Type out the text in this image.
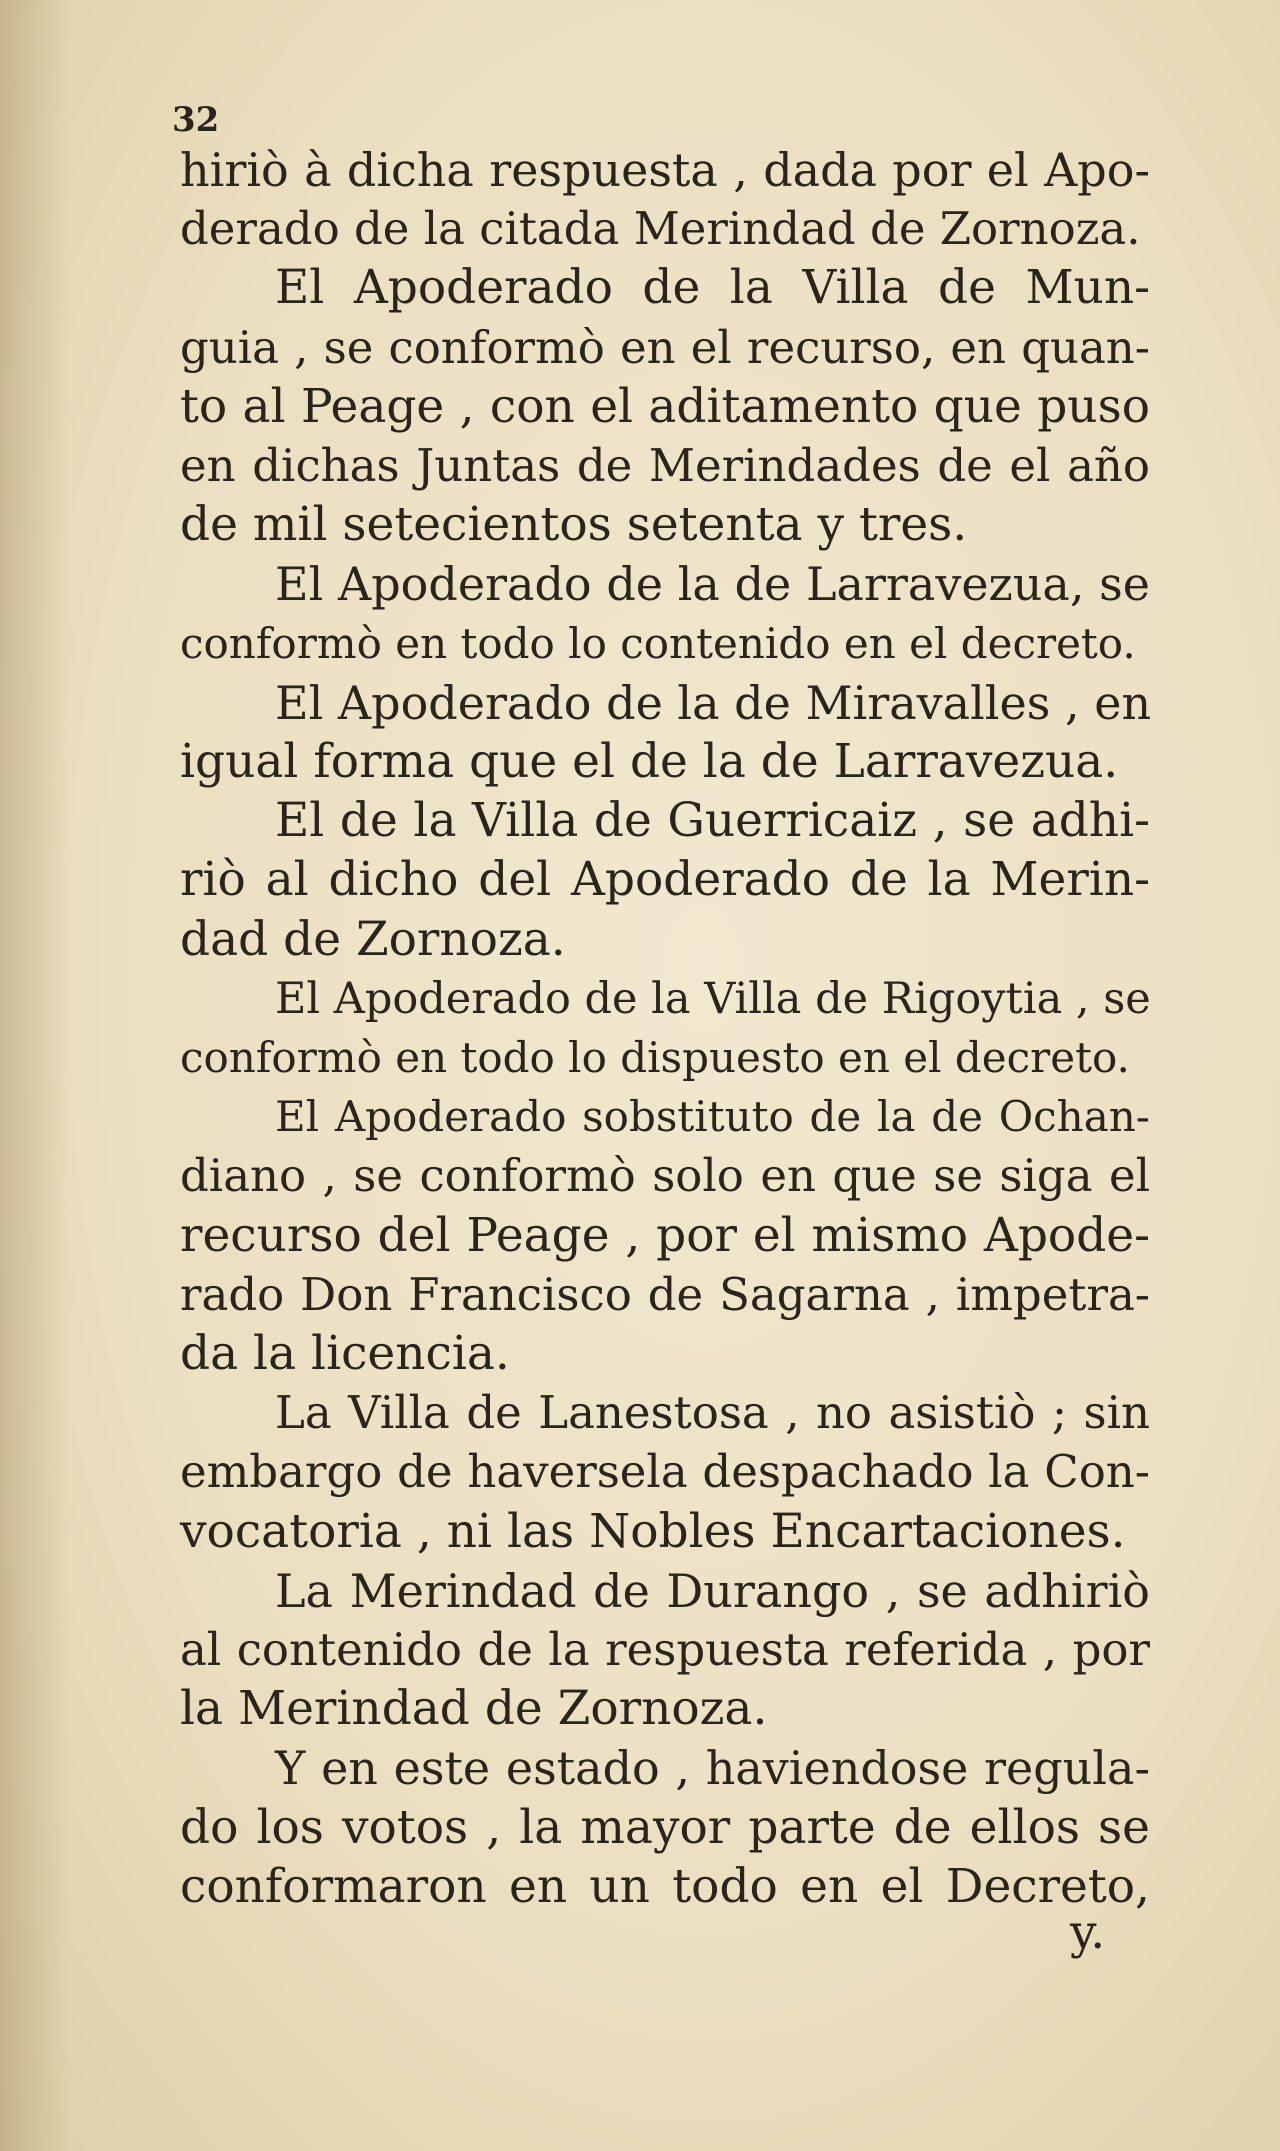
32
hiriò à dicha respuesta , dada por el Apo-
derado de la citada Merindad de Zornoza.
El Apoderado de la Villa de Mun-
guia , se conformò en el recurso, en quan-
to al Peage , con el aditamento que puso
en dichas Juntas de Merindades de el año
de mil setecientos setenta y tres.
El Apoderado de la de Larravezua, se
conformò en todo lo contenido en el decreto.
El Apoderado de la de Miravalles , en
igual forma que el de la de Larravezua.
El de la Villa de Guerricaiz , se adhi-
riò al dicho del Apoderado de la Merin-
dad de Zornoza.
El Apoderado de la Villa de Rigoytia , se
conformò en todo lo dispuesto en el decreto.
El Apoderado sobstituto de la de Ochan-
diano , se conformò solo en que se siga el
recurso del Peage , por el mismo Apode-
rado Don Francisco de Sagarna , impetra-
da la licencia.
La Villa de Lanestosa , no asistiò ; sin
embargo de haversela despachado la Con-
vocatoria , ni las Nobles Encartaciones.
La Merindad de Durango , se adhiriò
al contenido de la respuesta referida , por
la Merindad de Zornoza.
Y en este estado , haviendose regula-
do los votos , la mayor parte de ellos se
conformaron en un todo en el Decreto,
y.
